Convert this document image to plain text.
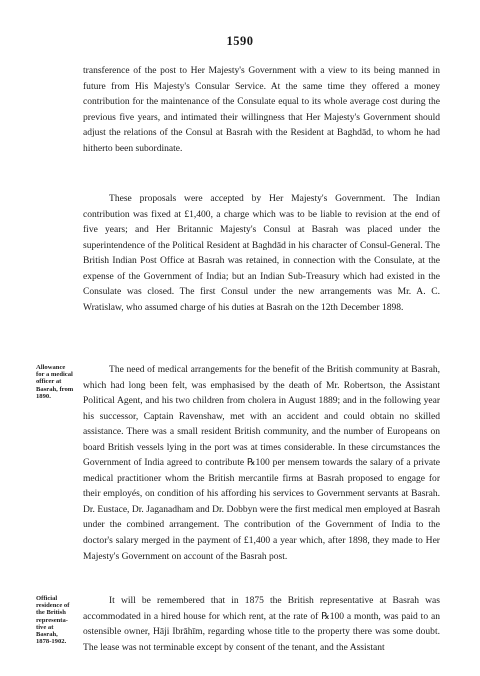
1590

transference of the post to Her Majesty's Government with a view to its being manned in future from His Majesty's Consular Service. At the same time they offered a money contribution for the maintenance of the Consulate equal to its whole average cost during the previous five years, and intimated their willingness that Her Majesty's Government should adjust the relations of the Consul at Basrah with the Resident at Baghdād, to whom he had hitherto been subordinate.

These proposals were accepted by Her Majesty's Government. The Indian contribution was fixed at £1,400, a charge which was to be liable to revision at the end of five years; and Her Britannic Majesty's Consul at Basrah was placed under the superintendence of the Political Resident at Baghdād in his character of Consul-General. The British Indian Post Office at Basrah was retained, in connection with the Consulate, at the expense of the Government of India; but an Indian Sub-Treasury which had existed in the Consulate was closed. The first Consul under the new arrangements was Mr. A. C. Wratislaw, who assumed charge of his duties at Basrah on the 12th December 1898.

Allowance
for a medical
officer at
Basrah, from
1890.

The need of medical arrangements for the benefit of the British community at Basrah, which had long been felt, was emphasised by the death of Mr. Robertson, the Assistant Political Agent, and his two children from cholera in August 1889; and in the following year his successor, Captain Ravenshaw, met with an accident and could obtain no skilled assistance. There was a small resident British community, and the number of Europeans on board British vessels lying in the port was at times considerable. In these circumstances the Government of India agreed to contribute ℞100 per mensem towards the salary of a private medical practitioner whom the British mercantile firms at Basrah proposed to engage for their employés, on condition of his affording his services to Government servants at Basrah. Dr. Eustace, Dr. Jaganadham and Dr. Dobbyn were the first medical men employed at Basrah under the combined arrangement. The contribution of the Government of India to the doctor's salary merged in the payment of £1,400 a year which, after 1898, they made to Her Majesty's Government on account of the Basrah post.

Official
residence of
the British
representa-
tive at
Basrah,
1878-1902.

It will be remembered that in 1875 the British representative at Basrah was accommodated in a hired house for which rent, at the rate of ℞100 a month, was paid to an ostensible owner, Hāji Ibrāhīm, regarding whose title to the property there was some doubt. The lease was not terminable except by consent of the tenant, and the Assistant
